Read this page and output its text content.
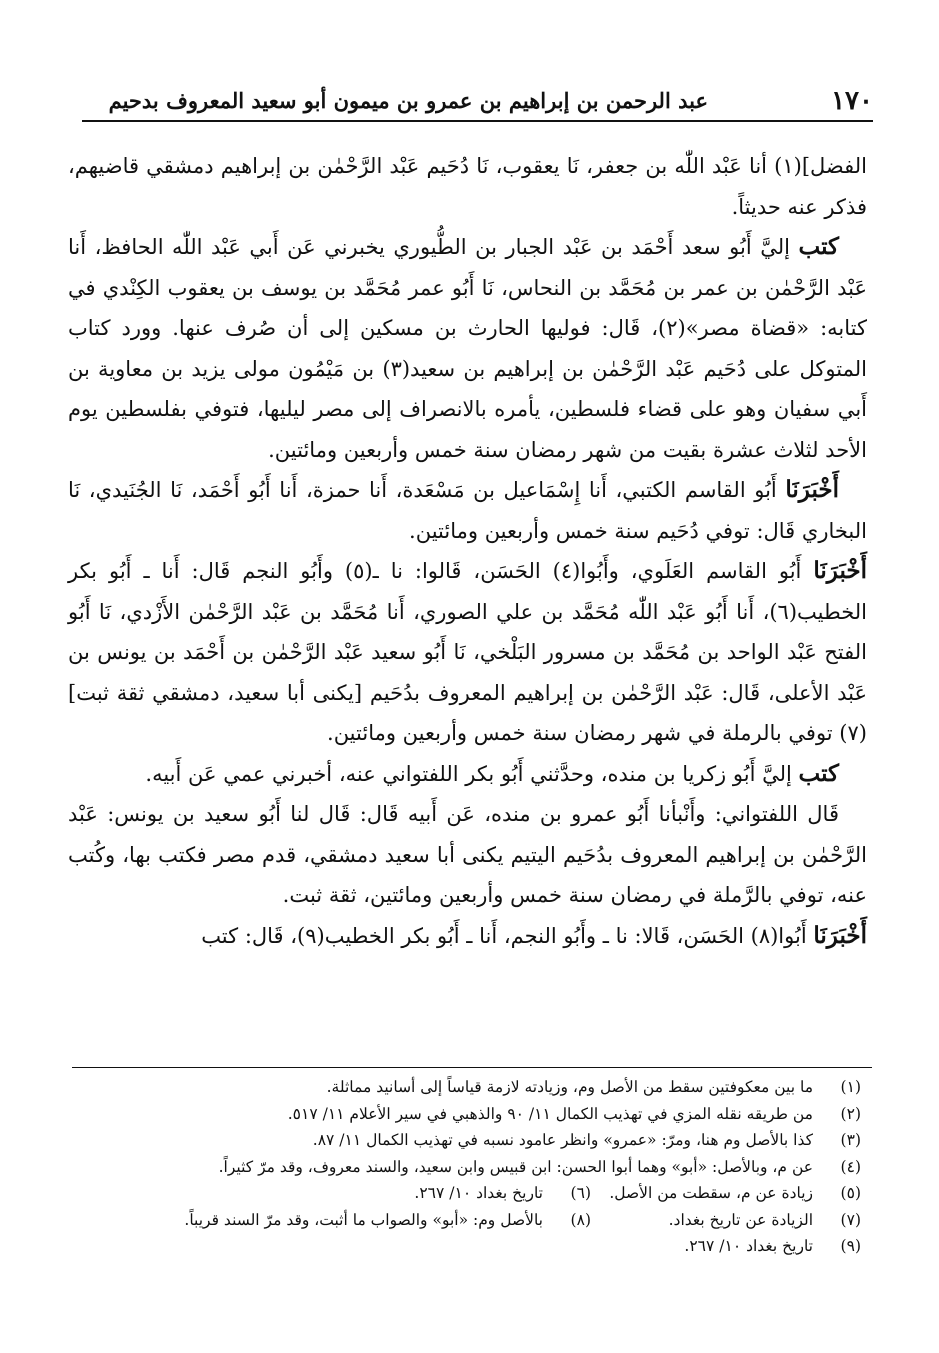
١٧٠
عبد الرحمن بن إبراهيم بن عمرو بن ميمون أبو سعيد المعروف بدحيم

الفضل](١) أنا عَبْد اللّٰه بن جعفر، نَا يعقوب، نَا دُحَيم عَبْد الرَّحْمٰن بن إبراهيم دمشقي قاضيهم، فذكر عنه حديثاً.

كتب إليَّ أَبُو سعد أَحْمَد بن عَبْد الجبار بن الطُّيوري يخبرني عَن أَبي عَبْد اللّٰه الحافظ، أَنا عَبْد الرَّحْمٰن بن عمر بن مُحَمَّد بن النحاس، نَا أَبُو عمر مُحَمَّد بن يوسف بن يعقوب الكِنْدي في كتابه: «قضاة مصر»(٢)، قَال: فوليها الحارث بن مسكين إلى أن صُرف عنها. وورد كتاب المتوكل على دُحَيم عَبْد الرَّحْمٰن بن إبراهيم بن سعيد(٣) بن مَيْمُون مولى يزيد بن معاوية بن أَبي سفيان وهو على قضاء فلسطين، يأمره بالانصراف إلى مصر ليليها، فتوفي بفلسطين يوم الأحد لثلاث عشرة بقيت من شهر رمضان سنة خمس وأربعين ومائتين.

أَخْبَرَنَا أَبُو القاسم الكتبي، أَنا إِسْمَاعيل بن مَسْعَدة، أَنا حمزة، أَنا أَبُو أَحْمَد، نَا الجُنَيدي، نَا البخاري قَال: توفي دُحَيم سنة خمس وأربعين ومائتين.

أَخْبَرَنَا أَبُو القاسم العَلَوي، وأَبُوا(٤) الحَسَن، قَالوا: نا ـ(٥) وأَبُو النجم قَال: أَنا ـ أَبُو بكر الخطيب(٦)، أَنا أَبُو عَبْد اللّٰه مُحَمَّد بن علي الصوري، أَنا مُحَمَّد بن عَبْد الرَّحْمٰن الأَزْدي، نَا أَبُو الفتح عَبْد الواحد بن مُحَمَّد بن مسرور البَلْخي، نَا أَبُو سعيد عَبْد الرَّحْمٰن بن أَحْمَد بن يونس بن عَبْد الأعلى، قَال: عَبْد الرَّحْمٰن بن إبراهيم المعروف بدُحَيم [يكنى أبا سعيد، دمشقي ثقة ثبت](٧) توفي بالرملة في شهر رمضان سنة خمس وأربعين ومائتين.

كتب إليَّ أَبُو زكريا بن منده، وحدَّثني أَبُو بكر اللفتواني عنه، أخبرني عمي عَن أَبيه.

قَال اللفتواني: وأَنْبأنا أَبُو عمرو بن منده، عَن أَبيه قَال: قَال لنا أَبُو سعيد بن يونس: عَبْد الرَّحْمٰن بن إبراهيم المعروف بدُحَيم اليتيم يكنى أبا سعيد دمشقي، قدم مصر فكتب بها، وكُتب عنه، توفي بالرَّملة في رمضان سنة خمس وأربعين ومائتين، ثقة ثبت.

أَخْبَرَنَا أَبُوا(٨) الحَسَن، قَالا: نا ـ وأَبُو النجم، أَنا ـ أَبُو بكر الخطيب(٩)، قَال: كتب

(١)
ما بين معكوفتين سقط من الأصل وم، وزيادته لازمة قياساً إلى أسانيد مماثلة.
(٢)
من طريقه نقله المزي في تهذيب الكمال ١١/ ٩٠ والذهبي في سير الأعلام ١١/ ٥١٧.
(٣)
كذا بالأصل وم هنا، ومرّ: «عمرو» وانظر عامود نسبه في تهذيب الكمال ١١/ ٨٧.
(٤)
عن م، وبالأصل: «أبو» وهما أبوا الحسن: ابن قبيس وابن سعيد، والسند معروف، وقد مرّ كثيراً.
(٥)زيادة عن م، سقطت من الأصل.
(٦)تاريخ بغداد ١٠/ ٢٦٧.
(٧)الزيادة عن تاريخ بغداد.
(٨)بالأصل وم: «أبو» والصواب ما أثبت، وقد مرّ السند قريباً.
(٩)
تاريخ بغداد ١٠/ ٢٦٧.
